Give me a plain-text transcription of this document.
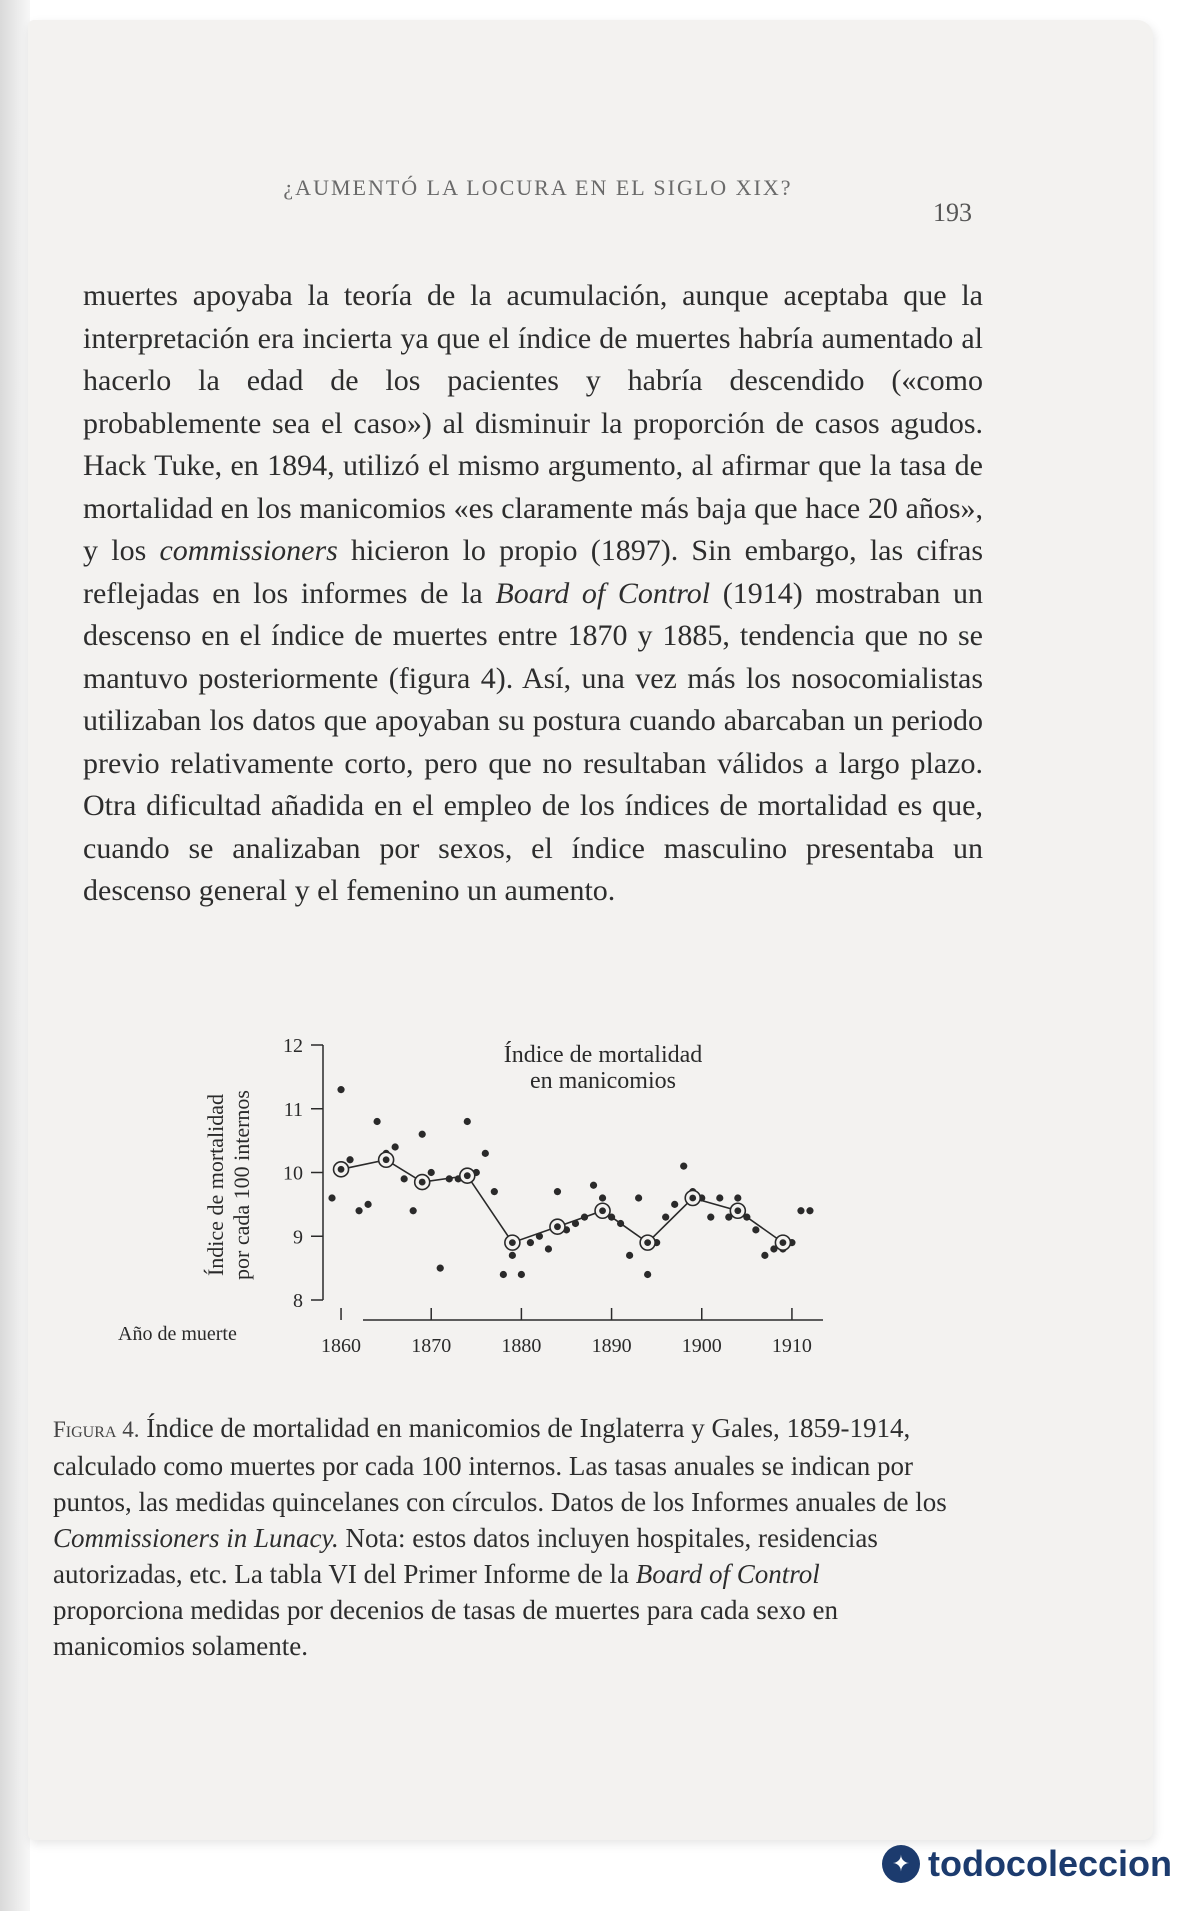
¿AUMENTÓ LA LOCURA EN EL SIGLO XIX?
193

muertes apoyaba la teoría de la acumulación, aunque aceptaba que la interpretación era incierta ya que el índice de muertes habría aumentado al hacerlo la edad de los pacientes y habría descendido («como probablemente sea el caso») al disminuir la proporción de casos agudos. Hack Tuke, en 1894, utilizó el mismo argumento, al afirmar que la tasa de mortalidad en los manicomios «es claramente más baja que hace 20 años», y los commissioners hicieron lo propio (1897). Sin embargo, las cifras reflejadas en los informes de la Board of Control (1914) mostraban un descenso en el índice de muertes entre 1870 y 1885, tendencia que no se mantuvo posteriormente (figura 4). Así, una vez más los nosocomialistas utilizaban los datos que apoyaban su postura cuando abarcaban un periodo previo relativamente corto, pero que no resultaban válidos a largo plazo. Otra dificultad añadida en el empleo de los índices de mortalidad es que, cuando se analizaban por sexos, el índice masculino presentaba un descenso general y el femenino un aumento.

8
9
10
11
12
1860	1870	1880	1890	1900	1910
Índice de mortalidad en manicomios
Índice de mortalidadpor cada 100 internos
Año de muerte
Figura 4. Índice de mortalidad en manicomios de Inglaterra y Gales, 1859-1914, calculado como muertes por cada 100 internos. Las tasas anuales se indican por puntos, las medidas quincelanes con círculos. Datos de los Informes anuales de los Commissioners in Lunacy. Nota: estos datos incluyen hospitales, residencias autorizadas, etc. La tabla VI del Primer Informe de la Board of Control proporciona medidas por decenios de tasas de muertes para cada sexo en manicomios solamente.
✦ todocoleccion
